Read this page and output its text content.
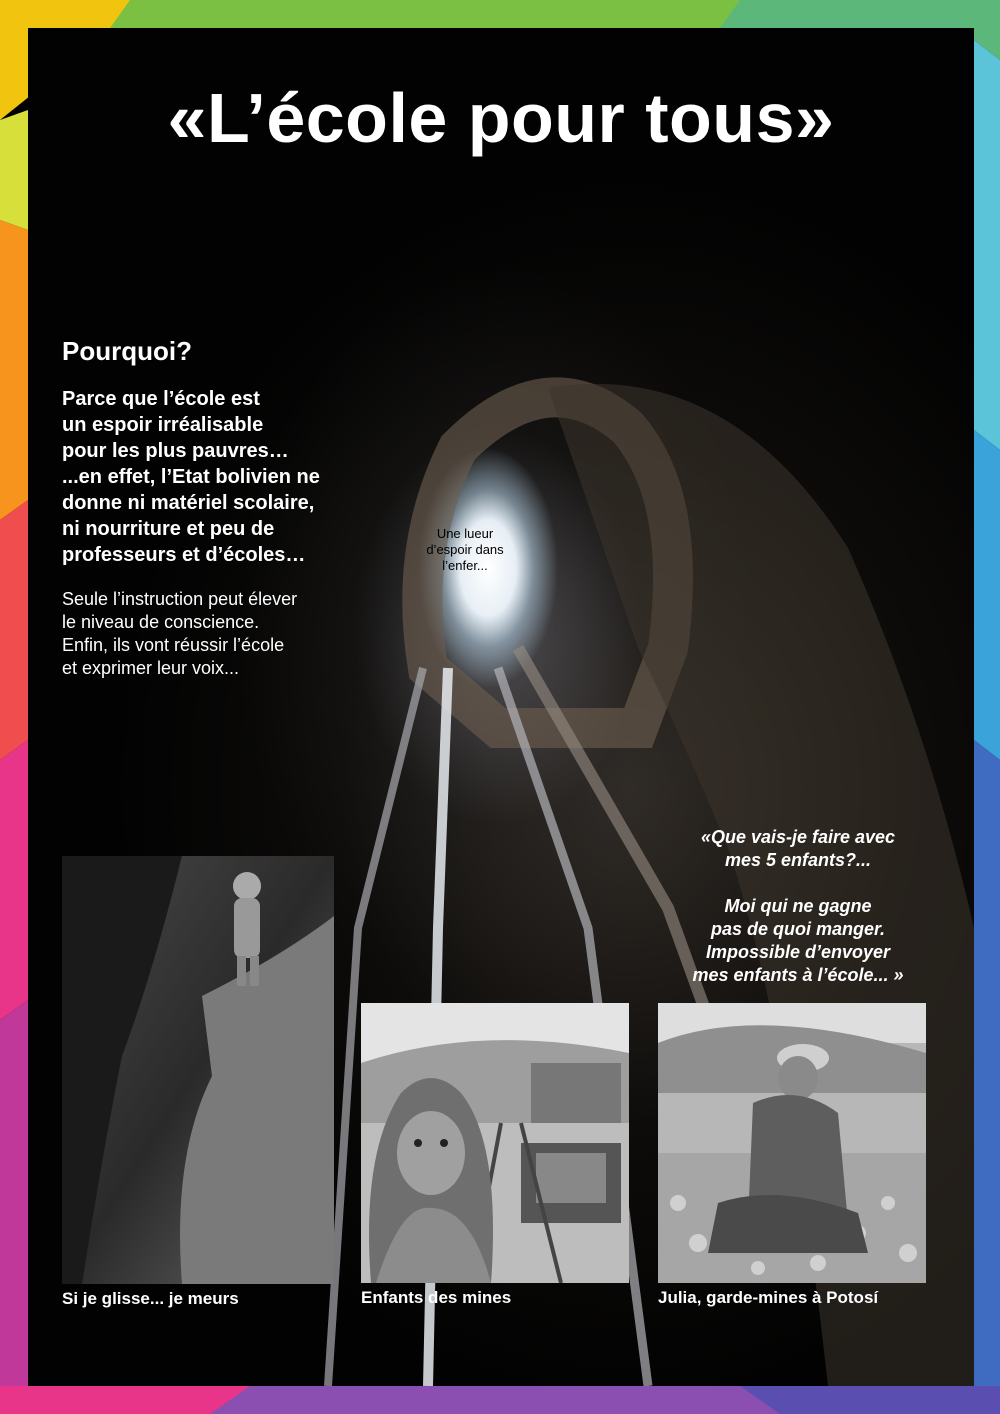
«L’école pour tous»
Pourquoi?
Parce que l’école est
un espoir irréalisable
pour les plus pauvres…
...en effet, l’Etat bolivien ne
donne ni matériel scolaire,
ni nourriture et peu de
professeurs et d’écoles…
Seule l’instruction peut élever
le niveau de conscience.
Enfin, ils vont réussir l’école
et exprimer leur voix...
Une lueur
d’espoir dans
l’enfer...
«Que vais-je faire avec
mes 5 enfants?...

Moi qui ne gagne
pas de quoi manger.
Impossible d’envoyer
mes enfants à l’école... »
Si je glisse... je meurs	Enfants des mines	Julia, garde-mines à Potosí
